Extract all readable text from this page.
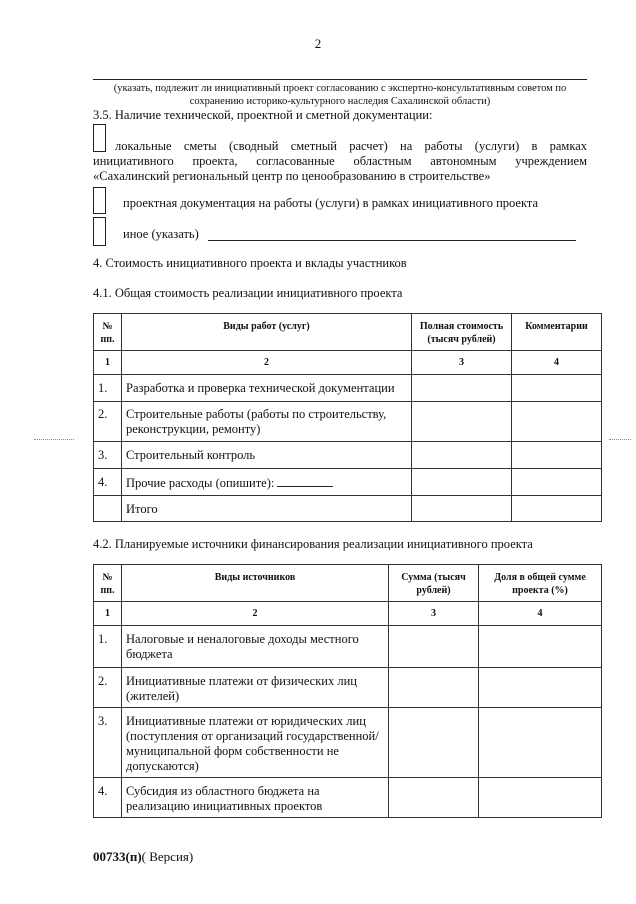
2
(указать, подлежит ли инициативный проект согласованию с экспертно-консультативным советом по сохранению историко-культурного наследия Сахалинской области)
3.5. Наличие технической, проектной и сметной документации:
локальные сметы (сводный сметный расчет) на работы (услуги) в рамках инициативного проекта, согласованные областным автономным учреждением «Сахалинский региональный центр по ценообразованию в строительстве»
проектная документация на работы (услуги) в рамках инициативного проекта
иное (указать)
4. Стоимость инициативного проекта и вклады участников
4.1. Общая стоимость реализации инициативного проекта
№ пп.	Виды работ (услуг)	Полная стоимость (тысяч рублей)	Комментарии
1	2	3	4
1.	Разработка и проверка технической документации		
2.	Строительные работы (работы по строительству, реконструкции, ремонту)		
3.	Строительный контроль		
4.	Прочие расходы (опишите):		
	Итого		
4.2. Планируемые источники финансирования реализации инициативного проекта
№ пп.	Виды источников	Сумма (тысяч рублей)	Доля в общей сумме проекта (%)
1	2	3	4
1.	Налоговые и неналоговые доходы местного бюджета		
2.	Инициативные платежи от физических лиц (жителей)		
3.	Инициативные платежи от юридических лиц (поступления от организаций государственной/муниципальной форм собственности не допускаются)		
4.	Субсидия из областного бюджета на реализацию инициативных проектов		
00733(п)( Версия)
